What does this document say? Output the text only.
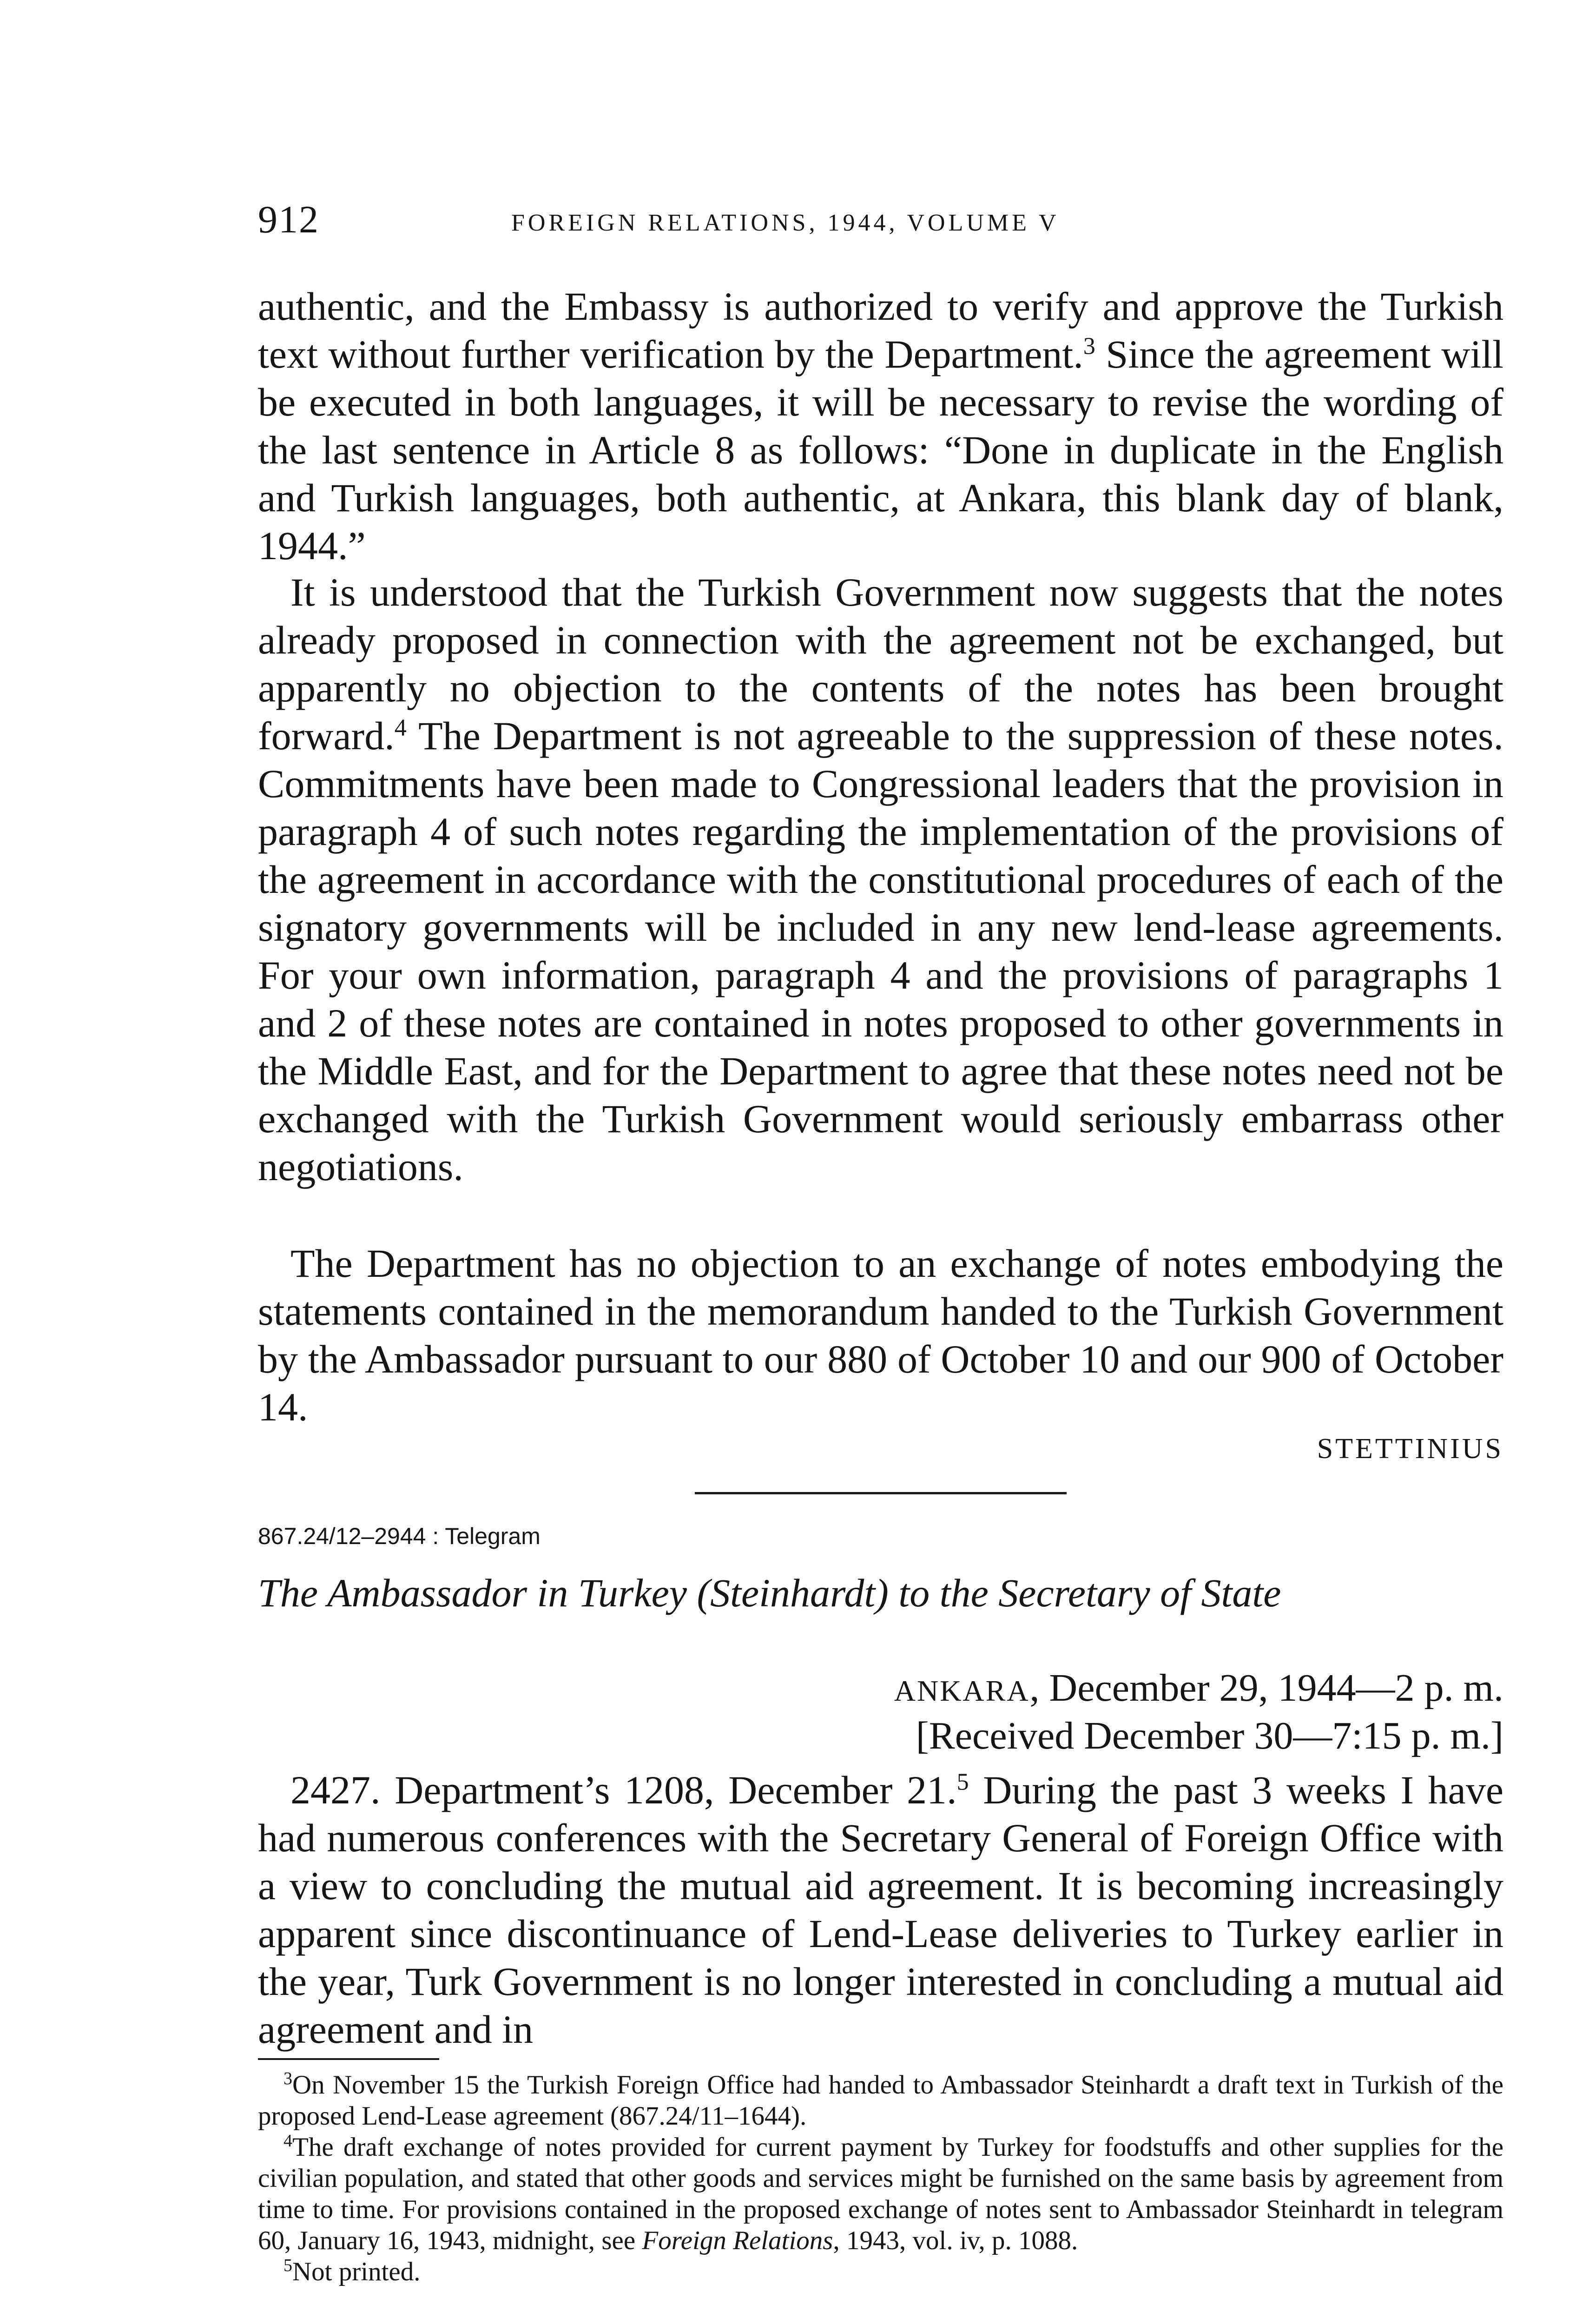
912	FOREIGN RELATIONS, 1944, VOLUME V

authentic, and the Embassy is authorized to verify and approve the Turkish text without further verification by the Department.$^3$ Since the agreement will be executed in both languages, it will be necessary to revise the wording of the last sentence in Article 8 as follows: “Done in duplicate in the English and Turkish languages, both authentic, at Ankara, this blank day of blank, 1944.”

It is understood that the Turkish Government now suggests that the notes already proposed in connection with the agreement not be exchanged, but apparently no objection to the contents of the notes has been brought forward.$^4$ The Department is not agreeable to the suppression of these notes. Commitments have been made to Congressional leaders that the provision in paragraph 4 of such notes regarding the implementation of the provisions of the agreement in accordance with the constitutional procedures of each of the signatory governments will be included in any new lend-lease agreements. For your own information, paragraph 4 and the provisions of paragraphs 1 and 2 of these notes are contained in notes proposed to other governments in the Middle East, and for the Department to agree that these notes need not be exchanged with the Turkish Government would seriously embarrass other negotiations.

The Department has no objection to an exchange of notes embodying the statements contained in the memorandum handed to the Turkish Government by the Ambassador pursuant to our 880 of October 10 and our 900 of October 14.

STETTINIUS
867.24/12–2944 : Telegram
The Ambassador in Turkey (Steinhardt) to the Secretary of State
ANKARA, December 29, 1944—2 p. m.
[Received December 30—7:15 p. m.]

2427. Department’s 1208, December 21.$^5$ During the past 3 weeks I have had numerous conferences with the Secretary General of Foreign Office with a view to concluding the mutual aid agreement. It is becoming increasingly apparent since discontinuance of Lend-Lease deliveries to Turkey earlier in the year, Turk Government is no longer interested in concluding a mutual aid agreement and in

$^3$On November 15 the Turkish Foreign Office had handed to Ambassador Steinhardt a draft text in Turkish of the proposed Lend-Lease agreement (867.24/11–1644).

$^4$The draft exchange of notes provided for current payment by Turkey for foodstuffs and other supplies for the civilian population, and stated that other goods and services might be furnished on the same basis by agreement from time to time. For provisions contained in the proposed exchange of notes sent to Ambassador Steinhardt in telegram 60, January 16, 1943, midnight, see Foreign Relations, 1943, vol. iv, p. 1088.

$^5$Not printed.
